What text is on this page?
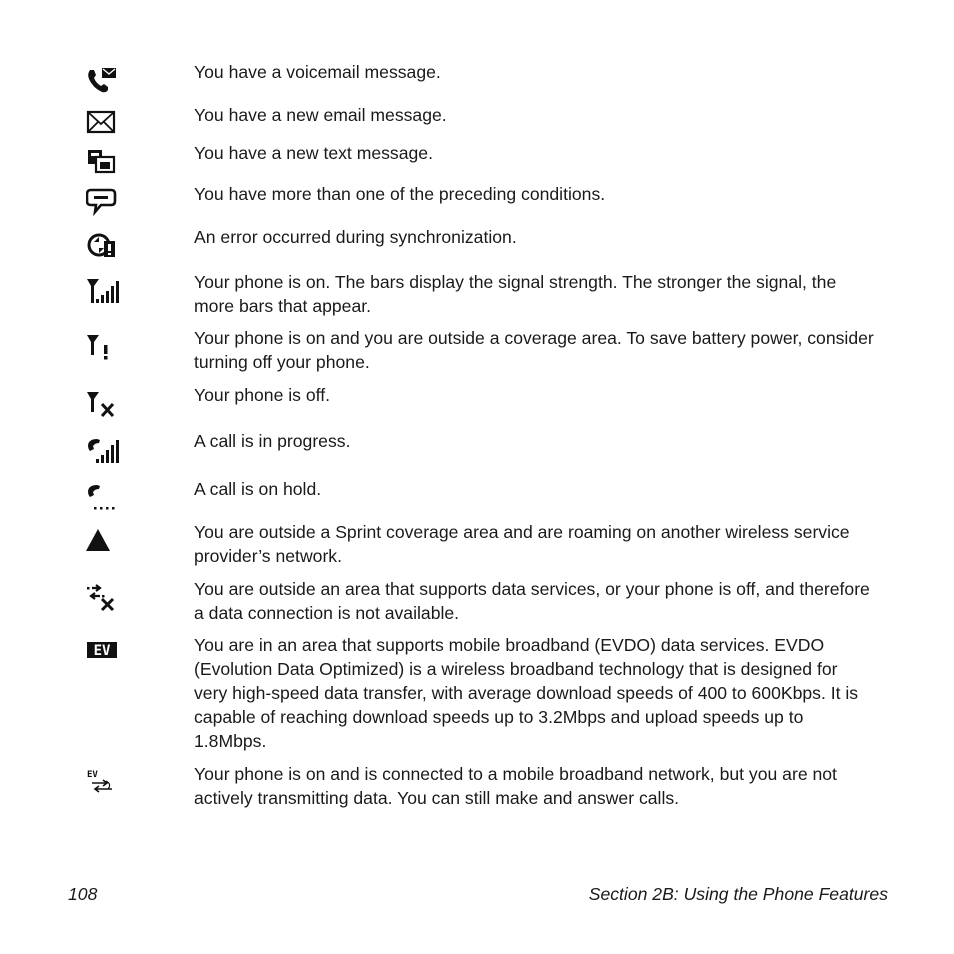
You have a voicemail message.
You have a new email message.
You have a new text message.
You have more than one of the preceding conditions.
An error occurred during synchronization.
Your phone is on. The bars display the signal strength. The stronger the signal, the more bars that appear.
Your phone is on and you are outside a coverage area. To save battery power, consider turning off your phone.
Your phone is off.
A call is in progress.
A call is on hold.
You are outside a Sprint coverage area and are roaming on another wireless service provider’s network.
You are outside an area that supports data services, or your phone is off, and therefore a data connection is not available.
EV	You are in an area that supports mobile broadband (EVDO) data services. EVDO (Evolution Data Optimized) is a wireless broadband technology that is designed for very high-speed data transfer, with average download speeds of 400 to 600Kbps. It is capable of reaching download speeds up to 3.2Mbps and upload speeds up to 1.8Mbps.
EV	Your phone is on and is connected to a mobile broadband network, but you are not actively transmitting data. You can still make and answer calls.
108	Section 2B: Using the Phone Features
